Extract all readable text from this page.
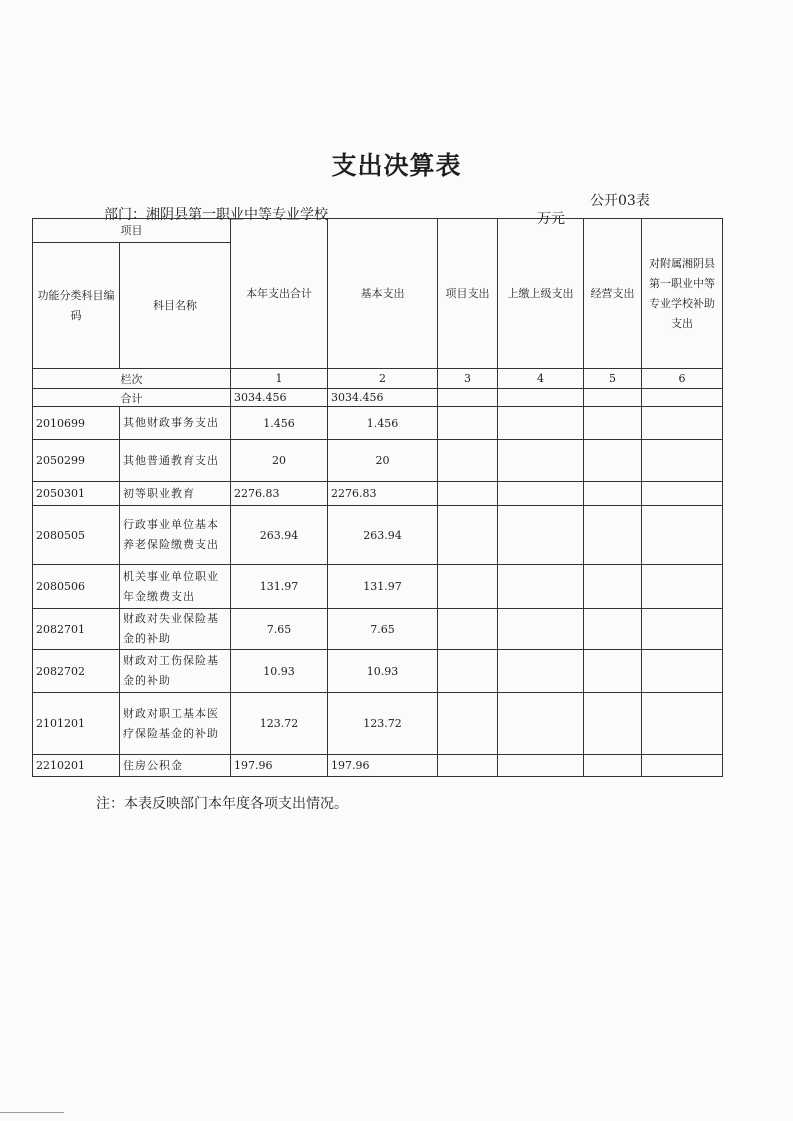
支出决算表
公开03表
部门：湘阴县第一职业中等专业学校	万元
项目		本年支出合计	基本支出	项目支出	上缴上级支出	经营支出	对附属湘阴县第一职业中等专业学校补助支出
功能分类科目编码	科目名称						
栏次		1	2	3	4	5	6
合计		3034.456	3034.456				
2010699	其他财政事务支出	1.456	1.456				
2050299	其他普通教育支出	20	20				
2050301	初等职业教育	2276.83	2276.83				
2080505	行政事业单位基本养老保险缴费支出	263.94	263.94				
2080506	机关事业单位职业年金缴费支出	131.97	131.97				
2082701	财政对失业保险基金的补助	7.65	7.65				
2082702	财政对工伤保险基金的补助	10.93	10.93				
2101201	财政对职工基本医疗保险基金的补助	123.72	123.72				
2210201	住房公积金	197.96	197.96				
注：本表反映部门本年度各项支出情况。
